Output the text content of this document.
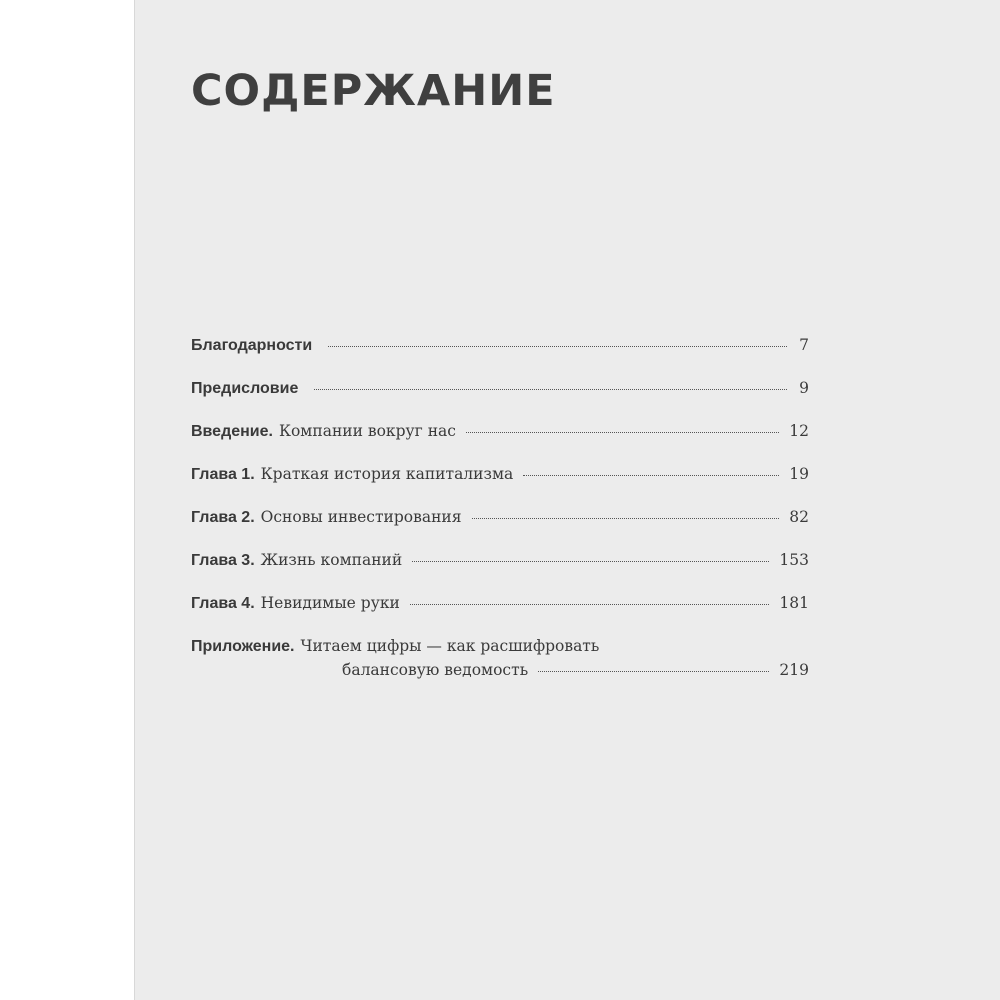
СОДЕРЖАНИЕ
Благодарности	7
Предисловие	9
Введение. Компании вокруг нас	12
Глава 1. Краткая история капитализма	19
Глава 2. Основы инвестирования	82
Глава 3. Жизнь компаний	153
Глава 4. Невидимые руки	181
Приложение. Читаем цифры — как расшифровать
балансовую ведомость	219
